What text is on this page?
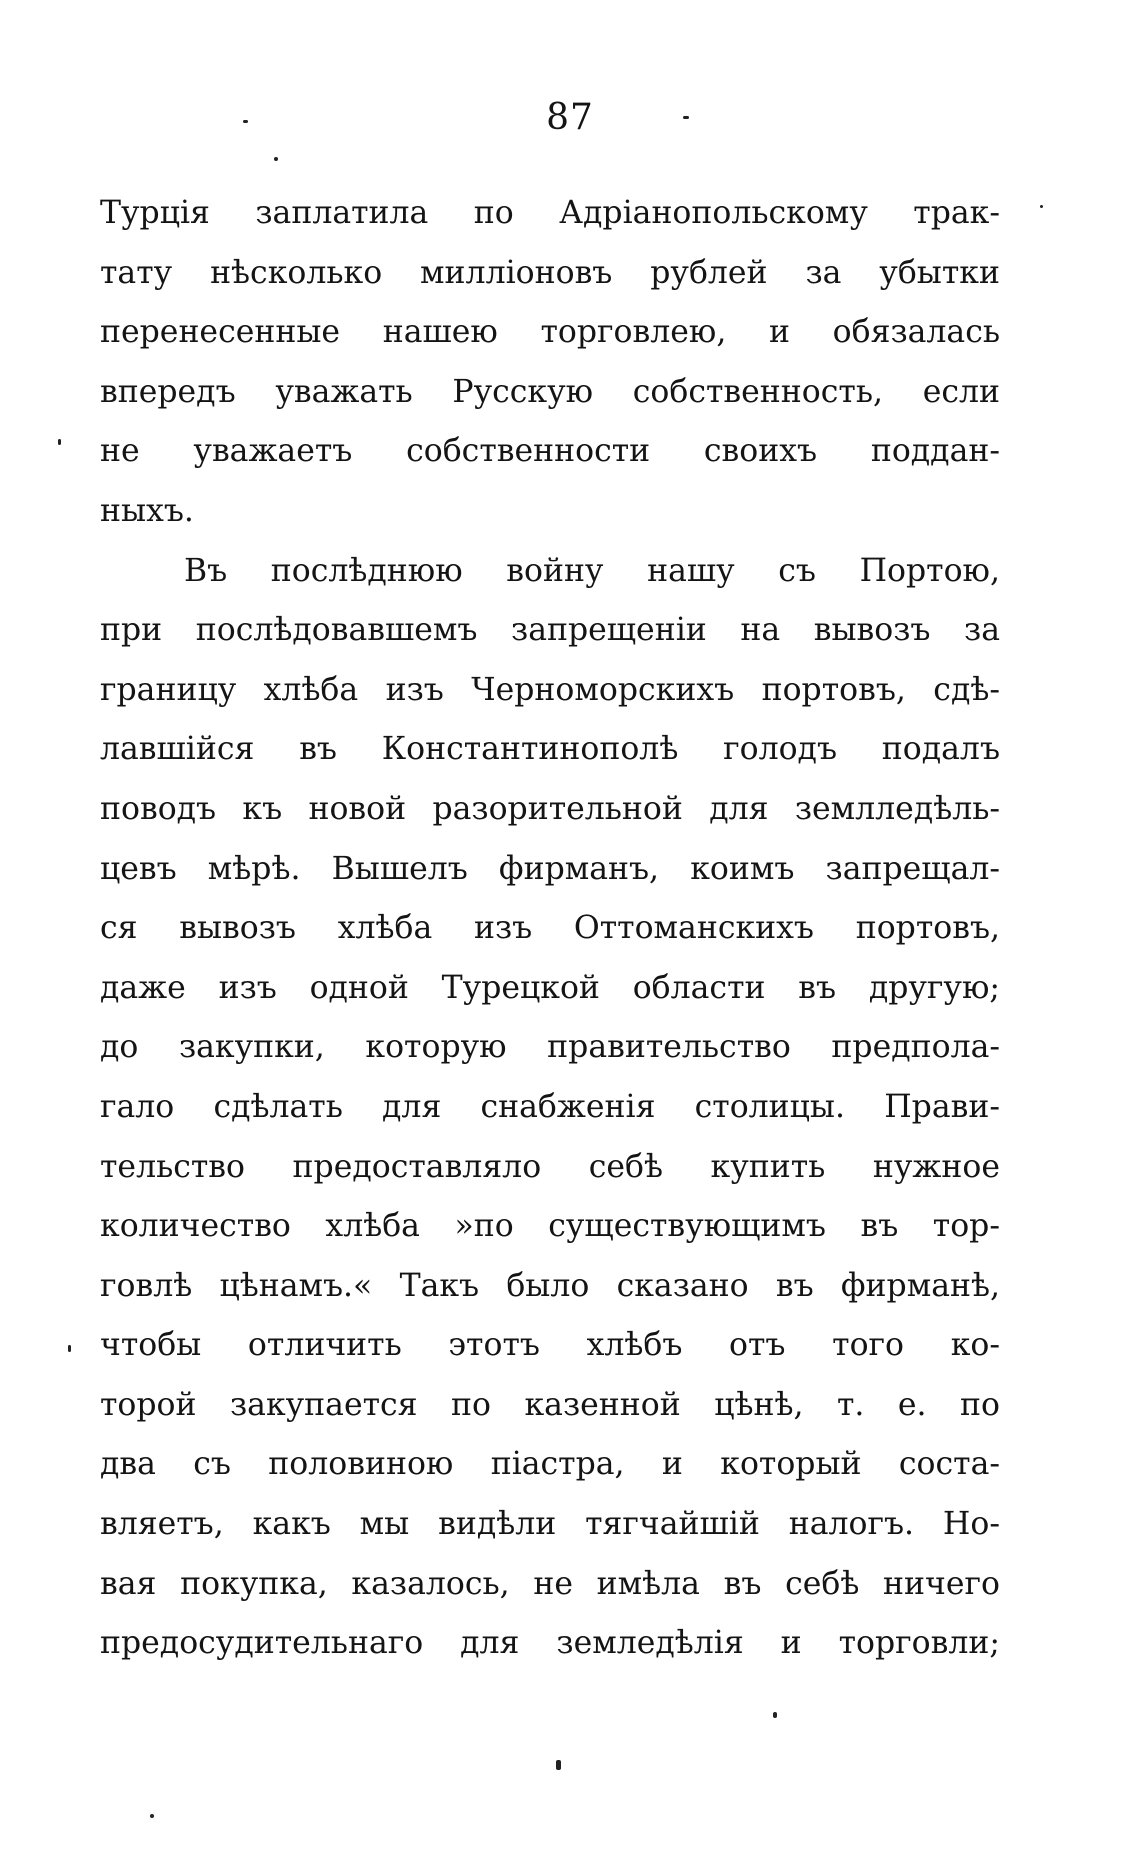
87
Турція заплатила по Адріанопольскому трак-
тату нѣсколько милліоновъ рублей за убытки
перенесенные нашею торговлею, и обязалась
впередъ уважать Русскую собственность, если
не уважаетъ собственности своихъ поддан-
ныхъ.
Въ послѣднюю войну нашу съ Портою,
при послѣдовавшемъ запрещеніи на вывозъ за
границу хлѣба изъ Черноморскихъ портовъ, сдѣ-
лавшійся въ Константинополѣ голодъ подалъ
поводъ къ новой разорительной для землледѣль-
цевъ мѣрѣ. Вышелъ фирманъ, коимъ запрещал-
ся вывозъ хлѣба изъ Оттоманскихъ портовъ,
даже изъ одной Турецкой области въ другую;
до закупки, которую правительство предпола-
гало сдѣлать для снабженія столицы. Прави-
тельство предоставляло себѣ купить нужное
количество хлѣба »по существующимъ въ тор-
говлѣ цѣнамъ.« Такъ было сказано въ фирманѣ,
чтобы отличить этотъ хлѣбъ отъ того ко-
торой закупается по казенной цѣнѣ, т. е. по
два съ половиною піастра, и который соста-
вляетъ, какъ мы видѣли тягчайшій налогъ. Но-
вая покупка, казалось, не имѣла въ себѣ ничего
предосудительнаго для земледѣлія и торговли;
